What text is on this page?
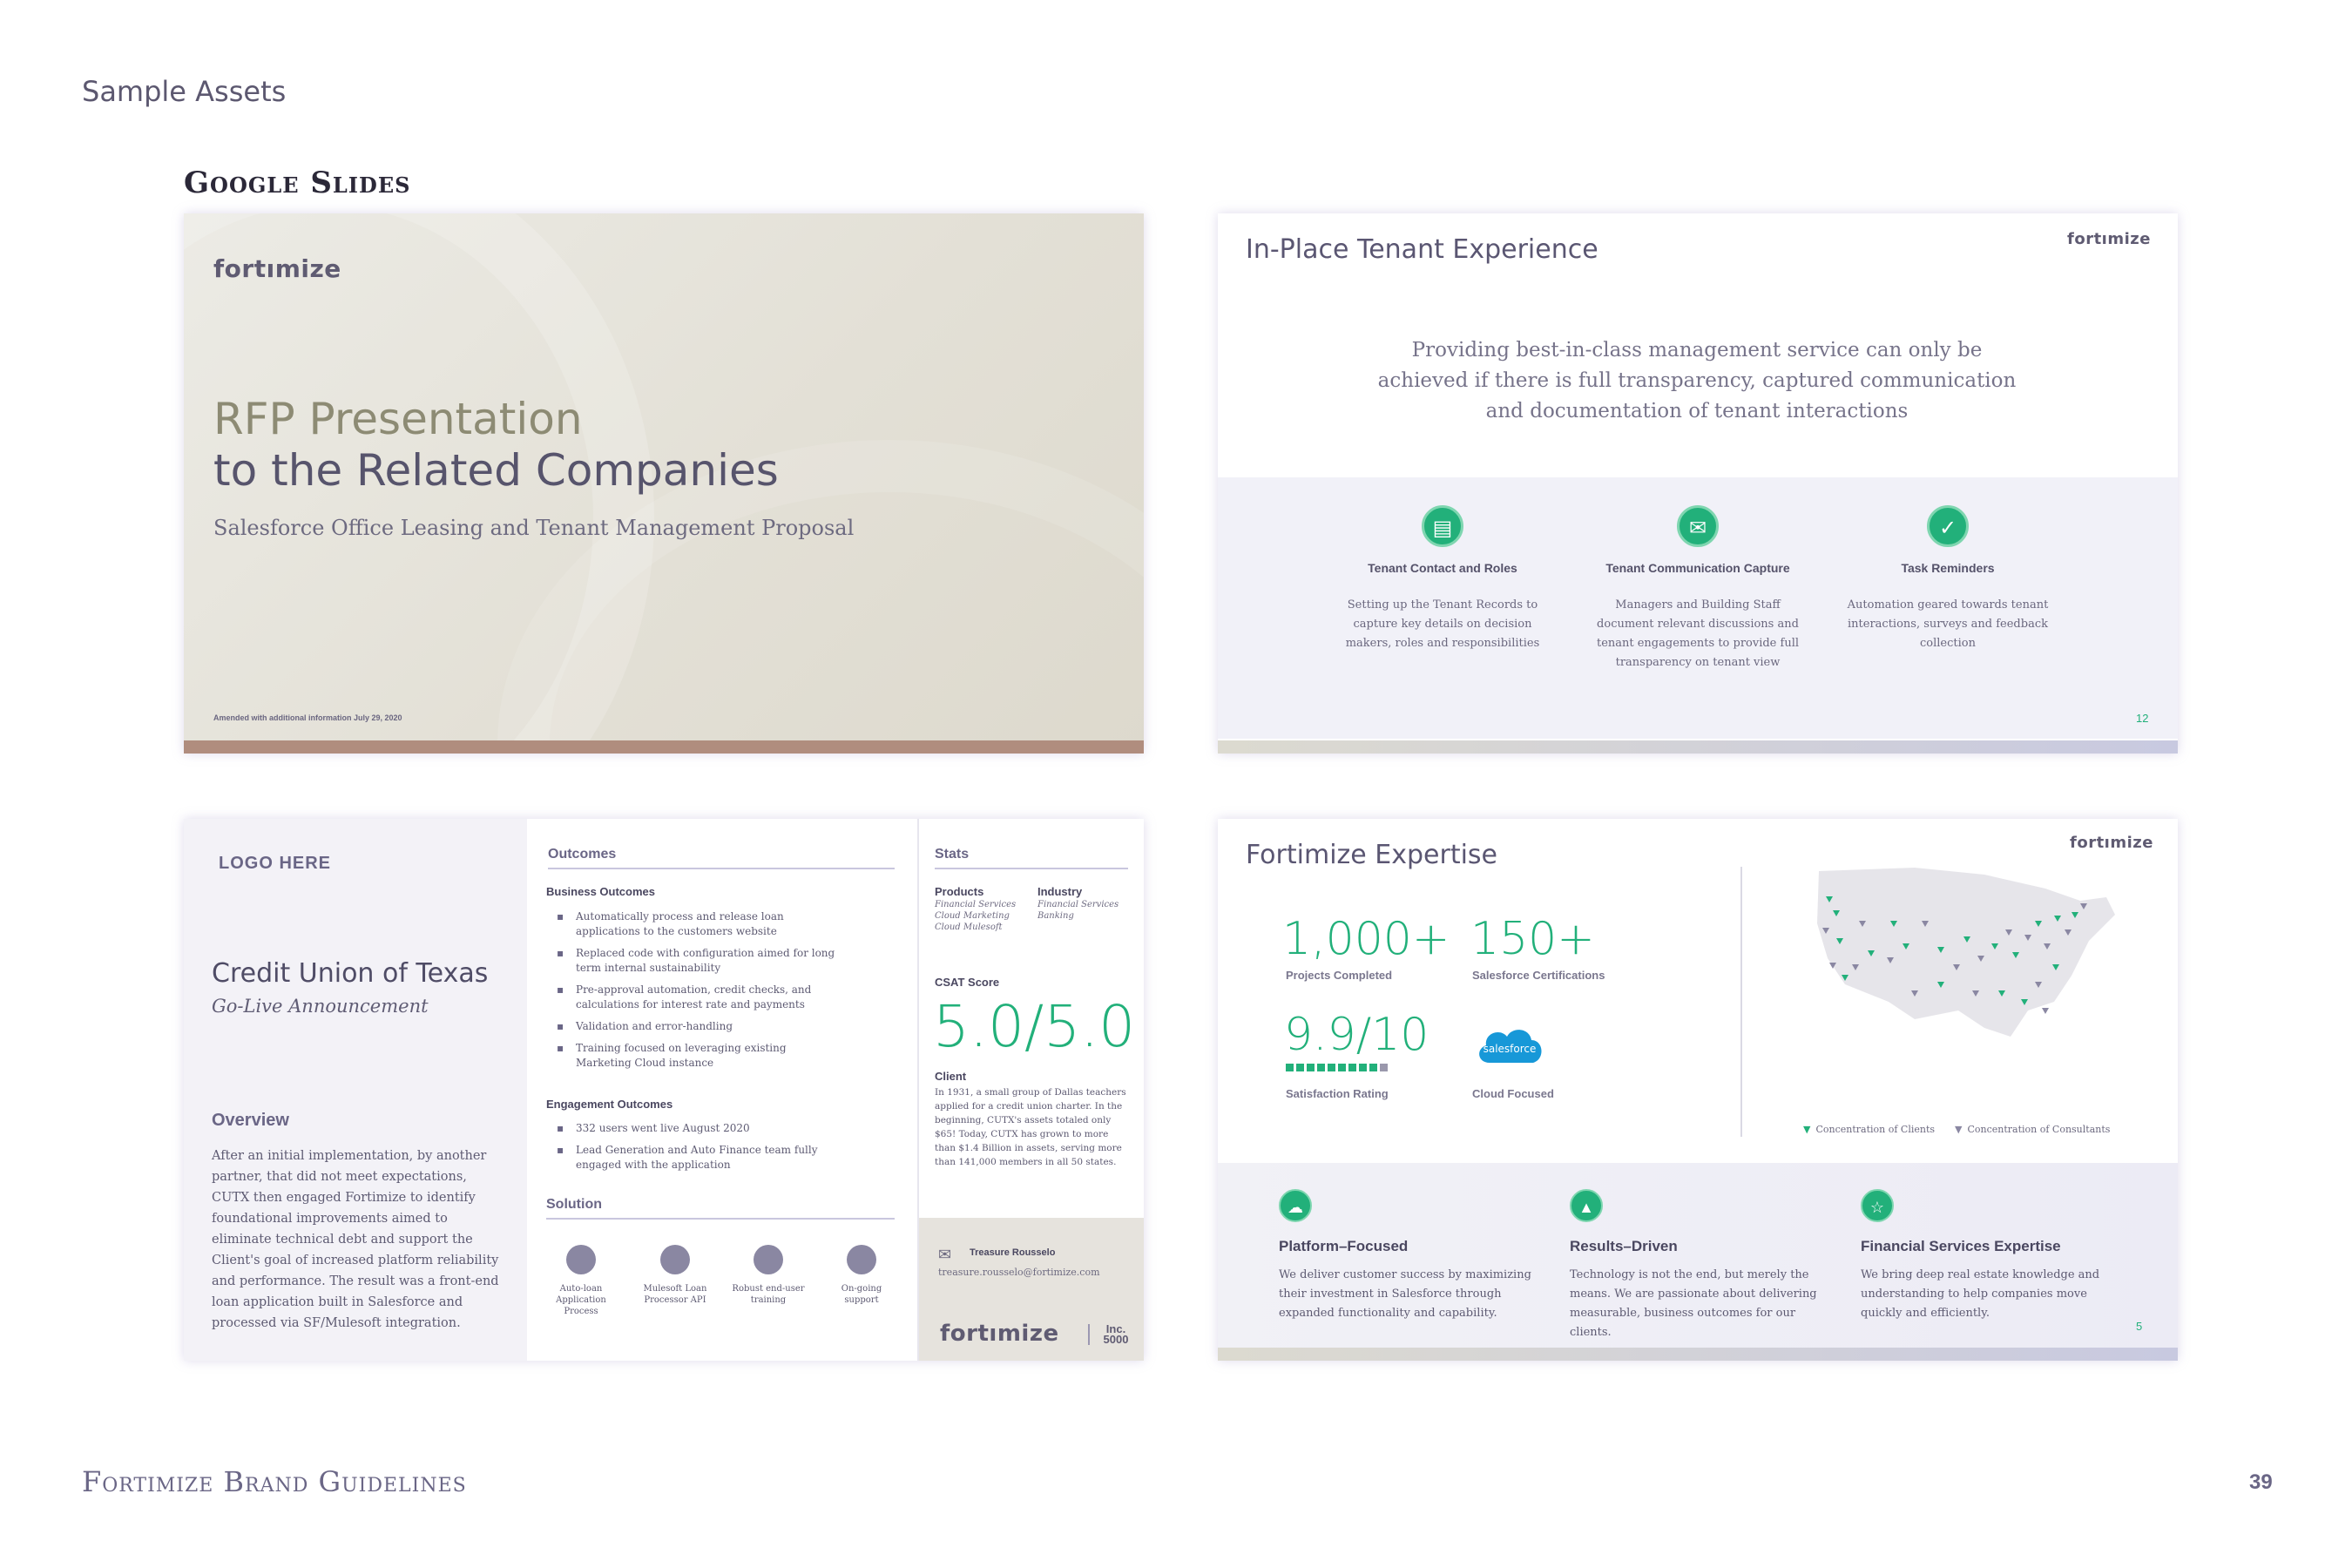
Sample Assets
Google Slides
fortımize
RFP Presentation
to the Related Companies
Salesforce Office Leasing and Tenant Management Proposal
Amended with additional information July 29, 2020
In-Place Tenant Experience	fortımize
Providing best-in-class management service can only be achieved if there is full transparency, captured communication and documentation of tenant interactions
▤
Tenant Contact and Roles
Setting up the Tenant Records to capture key details on decision makers, roles and responsibilities
✉
Tenant Communication Capture
Managers and Building Staff document relevant discussions and tenant engagements to provide full transparency on tenant view
✓
Task Reminders
Automation geared towards tenant interactions, surveys and feedback collection
12
LOGO HERE
Credit Union of Texas
Go-Live Announcement
Overview
After an initial implementation, by another partner, that did not meet expectations, CUTX then engaged Fortimize to identify foundational improvements aimed to eliminate technical debt and support the Client's goal of increased platform reliability and performance. The result was a front-end loan application built in Salesforce and processed via SF/Mulesoft integration.
Outcomes
Business Outcomes
▪ Automatically process and release loan applications to the customers website
▪ Replaced code with configuration aimed for long term internal sustainability
▪ Pre-approval automation, credit checks, and calculations for interest rate and payments
▪ Validation and error-handling
▪ Training focused on leveraging existing Marketing Cloud instance
Engagement Outcomes
▪ 332 users went live August 2020
▪ Lead Generation and Auto Finance team fully engaged with the application
Solution
Auto-loan Application Process
Mulesoft Loan Processor API
Robust end-user training
On-going support
Stats
Products
Financial Services Cloud Marketing Cloud Mulesoft
Industry
Financial Services Banking
CSAT Score
5.0/5.0
Client
In 1931, a small group of Dallas teachers applied for a credit union charter. In the beginning, CUTX's assets totaled only $65! Today, CUTX has grown to more than $1.4 Billion in assets, serving more than 141,000 members in all 50 states.
✉ Treasure Rousselo
treasure.rousselo@fortimize.com
fortımize	Inc. 5000
Fortimize Expertise	fortımize
1,000+
Projects Completed
150+
Salesforce Certifications
9.9/10
Satisfaction Rating
salesforce
Cloud Focused
▼ Concentration of Clients ▼ Concentration of Consultants
☁
Platform–Focused
We deliver customer success by maximizing their investment in Salesforce through expanded functionality and capability.
▲
Results–Driven
Technology is not the end, but merely the means. We are passionate about delivering measurable, business outcomes for our clients.
☆
Financial Services Expertise
We bring deep real estate knowledge and understanding to help companies move quickly and efficiently.
5
Fortimize Brand Guidelines	39
